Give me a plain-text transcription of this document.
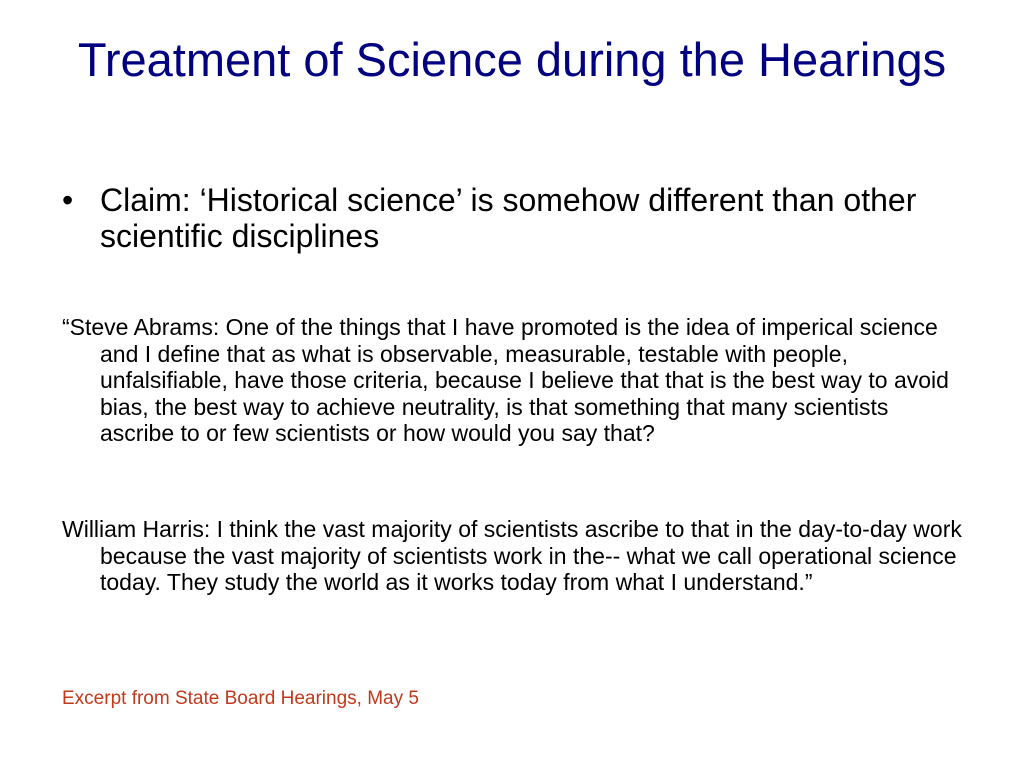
Treatment of Science during the Hearings
• Claim: ‘Historical science’ is somehow different than other scientific disciplines

“Steve Abrams: One of the things that I have promoted is the idea of imperical science and I define that as what is observable, measurable, testable with people, unfalsifiable, have those criteria, because I believe that that is the best way to avoid bias, the best way to achieve neutrality, is that something that many scientists ascribe to or few scientists or how would you say that?

William Harris: I think the vast majority of scientists ascribe to that in the day-to-day work because the vast majority of scientists work in the-- what we call operational science today. They study the world as it works today from what I understand.”

Excerpt from State Board Hearings, May 5
